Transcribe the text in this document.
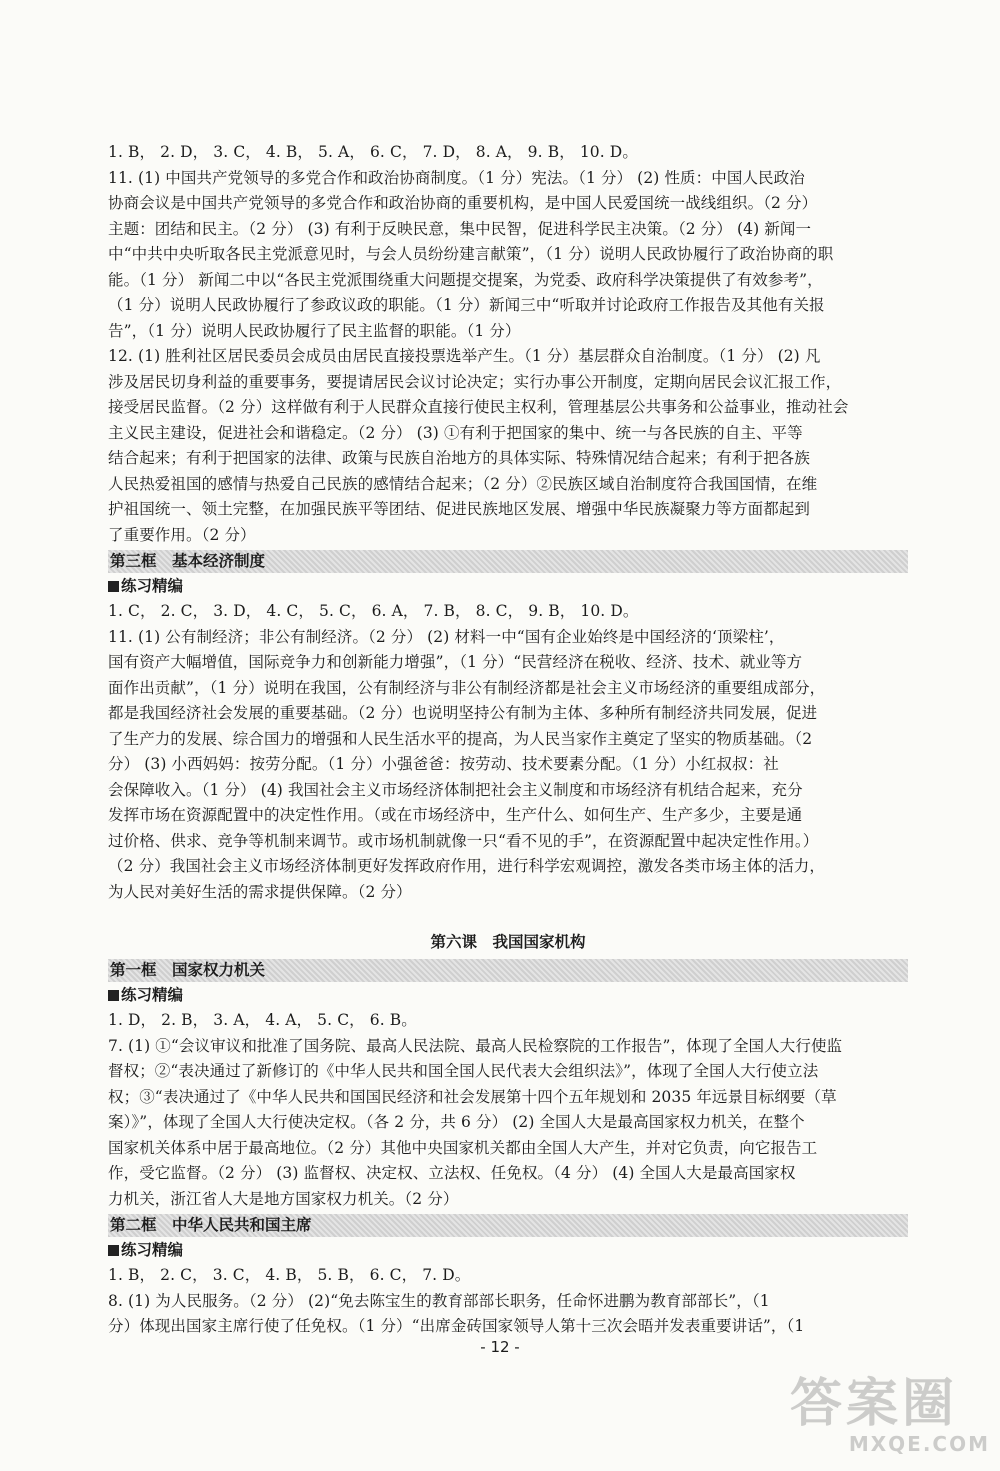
1. B， 2. D， 3. C， 4. B， 5. A， 6. C， 7. D， 8. A， 9. B， 10. D。
11. (1) 中国共产党领导的多党合作和政治协商制度。（1 分）宪法。（1 分） (2) 性质：中国人民政治
协商会议是中国共产党领导的多党合作和政治协商的重要机构，是中国人民爱国统一战线组织。（2 分）
主题：团结和民主。（2 分） (3) 有利于反映民意，集中民智，促进科学民主决策。（2 分） (4) 新闻一
中“中共中央听取各民主党派意见时，与会人员纷纷建言献策”，（1 分）说明人民政协履行了政治协商的职
能。（1 分） 新闻二中以“各民主党派围绕重大问题提交提案，为党委、政府科学决策提供了有效参考”，
（1 分）说明人民政协履行了参政议政的职能。（1 分）新闻三中“听取并讨论政府工作报告及其他有关报
告”，（1 分）说明人民政协履行了民主监督的职能。（1 分）
12. (1) 胜利社区居民委员会成员由居民直接投票选举产生。（1 分）基层群众自治制度。（1 分） (2) 凡
涉及居民切身利益的重要事务，要提请居民会议讨论决定；实行办事公开制度，定期向居民会议汇报工作，
接受居民监督。（2 分）这样做有利于人民群众直接行使民主权利，管理基层公共事务和公益事业，推动社会
主义民主建设，促进社会和谐稳定。（2 分） (3) ①有利于把国家的集中、统一与各民族的自主、平等
结合起来；有利于把国家的法律、政策与民族自治地方的具体实际、特殊情况结合起来；有利于把各族
人民热爱祖国的感情与热爱自己民族的感情结合起来；（2 分）②民族区域自治制度符合我国国情，在维
护祖国统一、领土完整，在加强民族平等团结、促进民族地区发展、增强中华民族凝聚力等方面都起到
了重要作用。（2 分）
第三框　基本经济制度
练习精编
1. C， 2. C， 3. D， 4. C， 5. C， 6. A， 7. B， 8. C， 9. B， 10. D。
11. (1) 公有制经济；非公有制经济。（2 分） (2) 材料一中“国有企业始终是中国经济的‘顶梁柱’，
国有资产大幅增值，国际竞争力和创新能力增强”，（1 分）“民营经济在税收、经济、技术、就业等方
面作出贡献”，（1 分）说明在我国，公有制经济与非公有制经济都是社会主义市场经济的重要组成部分，
都是我国经济社会发展的重要基础。（2 分）也说明坚持公有制为主体、多种所有制经济共同发展，促进
了生产力的发展、综合国力的增强和人民生活水平的提高，为人民当家作主奠定了坚实的物质基础。（2
分） (3) 小西妈妈：按劳分配。（1 分）小强爸爸：按劳动、技术要素分配。（1 分）小红叔叔：社
会保障收入。（1 分） (4) 我国社会主义市场经济体制把社会主义制度和市场经济有机结合起来，充分
发挥市场在资源配置中的决定性作用。（或在市场经济中，生产什么、如何生产、生产多少，主要是通
过价格、供求、竞争等机制来调节。或市场机制就像一只“看不见的手”，在资源配置中起决定性作用。）
（2 分）我国社会主义市场经济体制更好发挥政府作用，进行科学宏观调控，激发各类市场主体的活力，
为人民对美好生活的需求提供保障。（2 分）
第六课　我国国家机构
第一框　国家权力机关
练习精编
1. D， 2. B， 3. A， 4. A， 5. C， 6. B。
7. (1) ①“会议审议和批准了国务院、最高人民法院、最高人民检察院的工作报告”，体现了全国人大行使监
督权；②“表决通过了新修订的《中华人民共和国全国人民代表大会组织法》”，体现了全国人大行使立法
权；③“表决通过了《中华人民共和国国民经济和社会发展第十四个五年规划和 2035 年远景目标纲要（草
案）》”，体现了全国人大行使决定权。（各 2 分，共 6 分） (2) 全国人大是最高国家权力机关，在整个
国家机关体系中居于最高地位。（2 分）其他中央国家机关都由全国人大产生，并对它负责，向它报告工
作，受它监督。（2 分） (3) 监督权、决定权、立法权、任免权。（4 分） (4) 全国人大是最高国家权
力机关，浙江省人大是地方国家权力机关。（2 分）
第二框　中华人民共和国主席
练习精编
1. B， 2. C， 3. C， 4. B， 5. B， 6. C， 7. D。
8. (1) 为人民服务。（2 分） (2)“免去陈宝生的教育部部长职务，任命怀进鹏为教育部部长”，（1
分）体现出国家主席行使了任免权。（1 分）“出席金砖国家领导人第十三次会晤并发表重要讲话”，（1
- 12 -
答案圈
MXQE.COM
